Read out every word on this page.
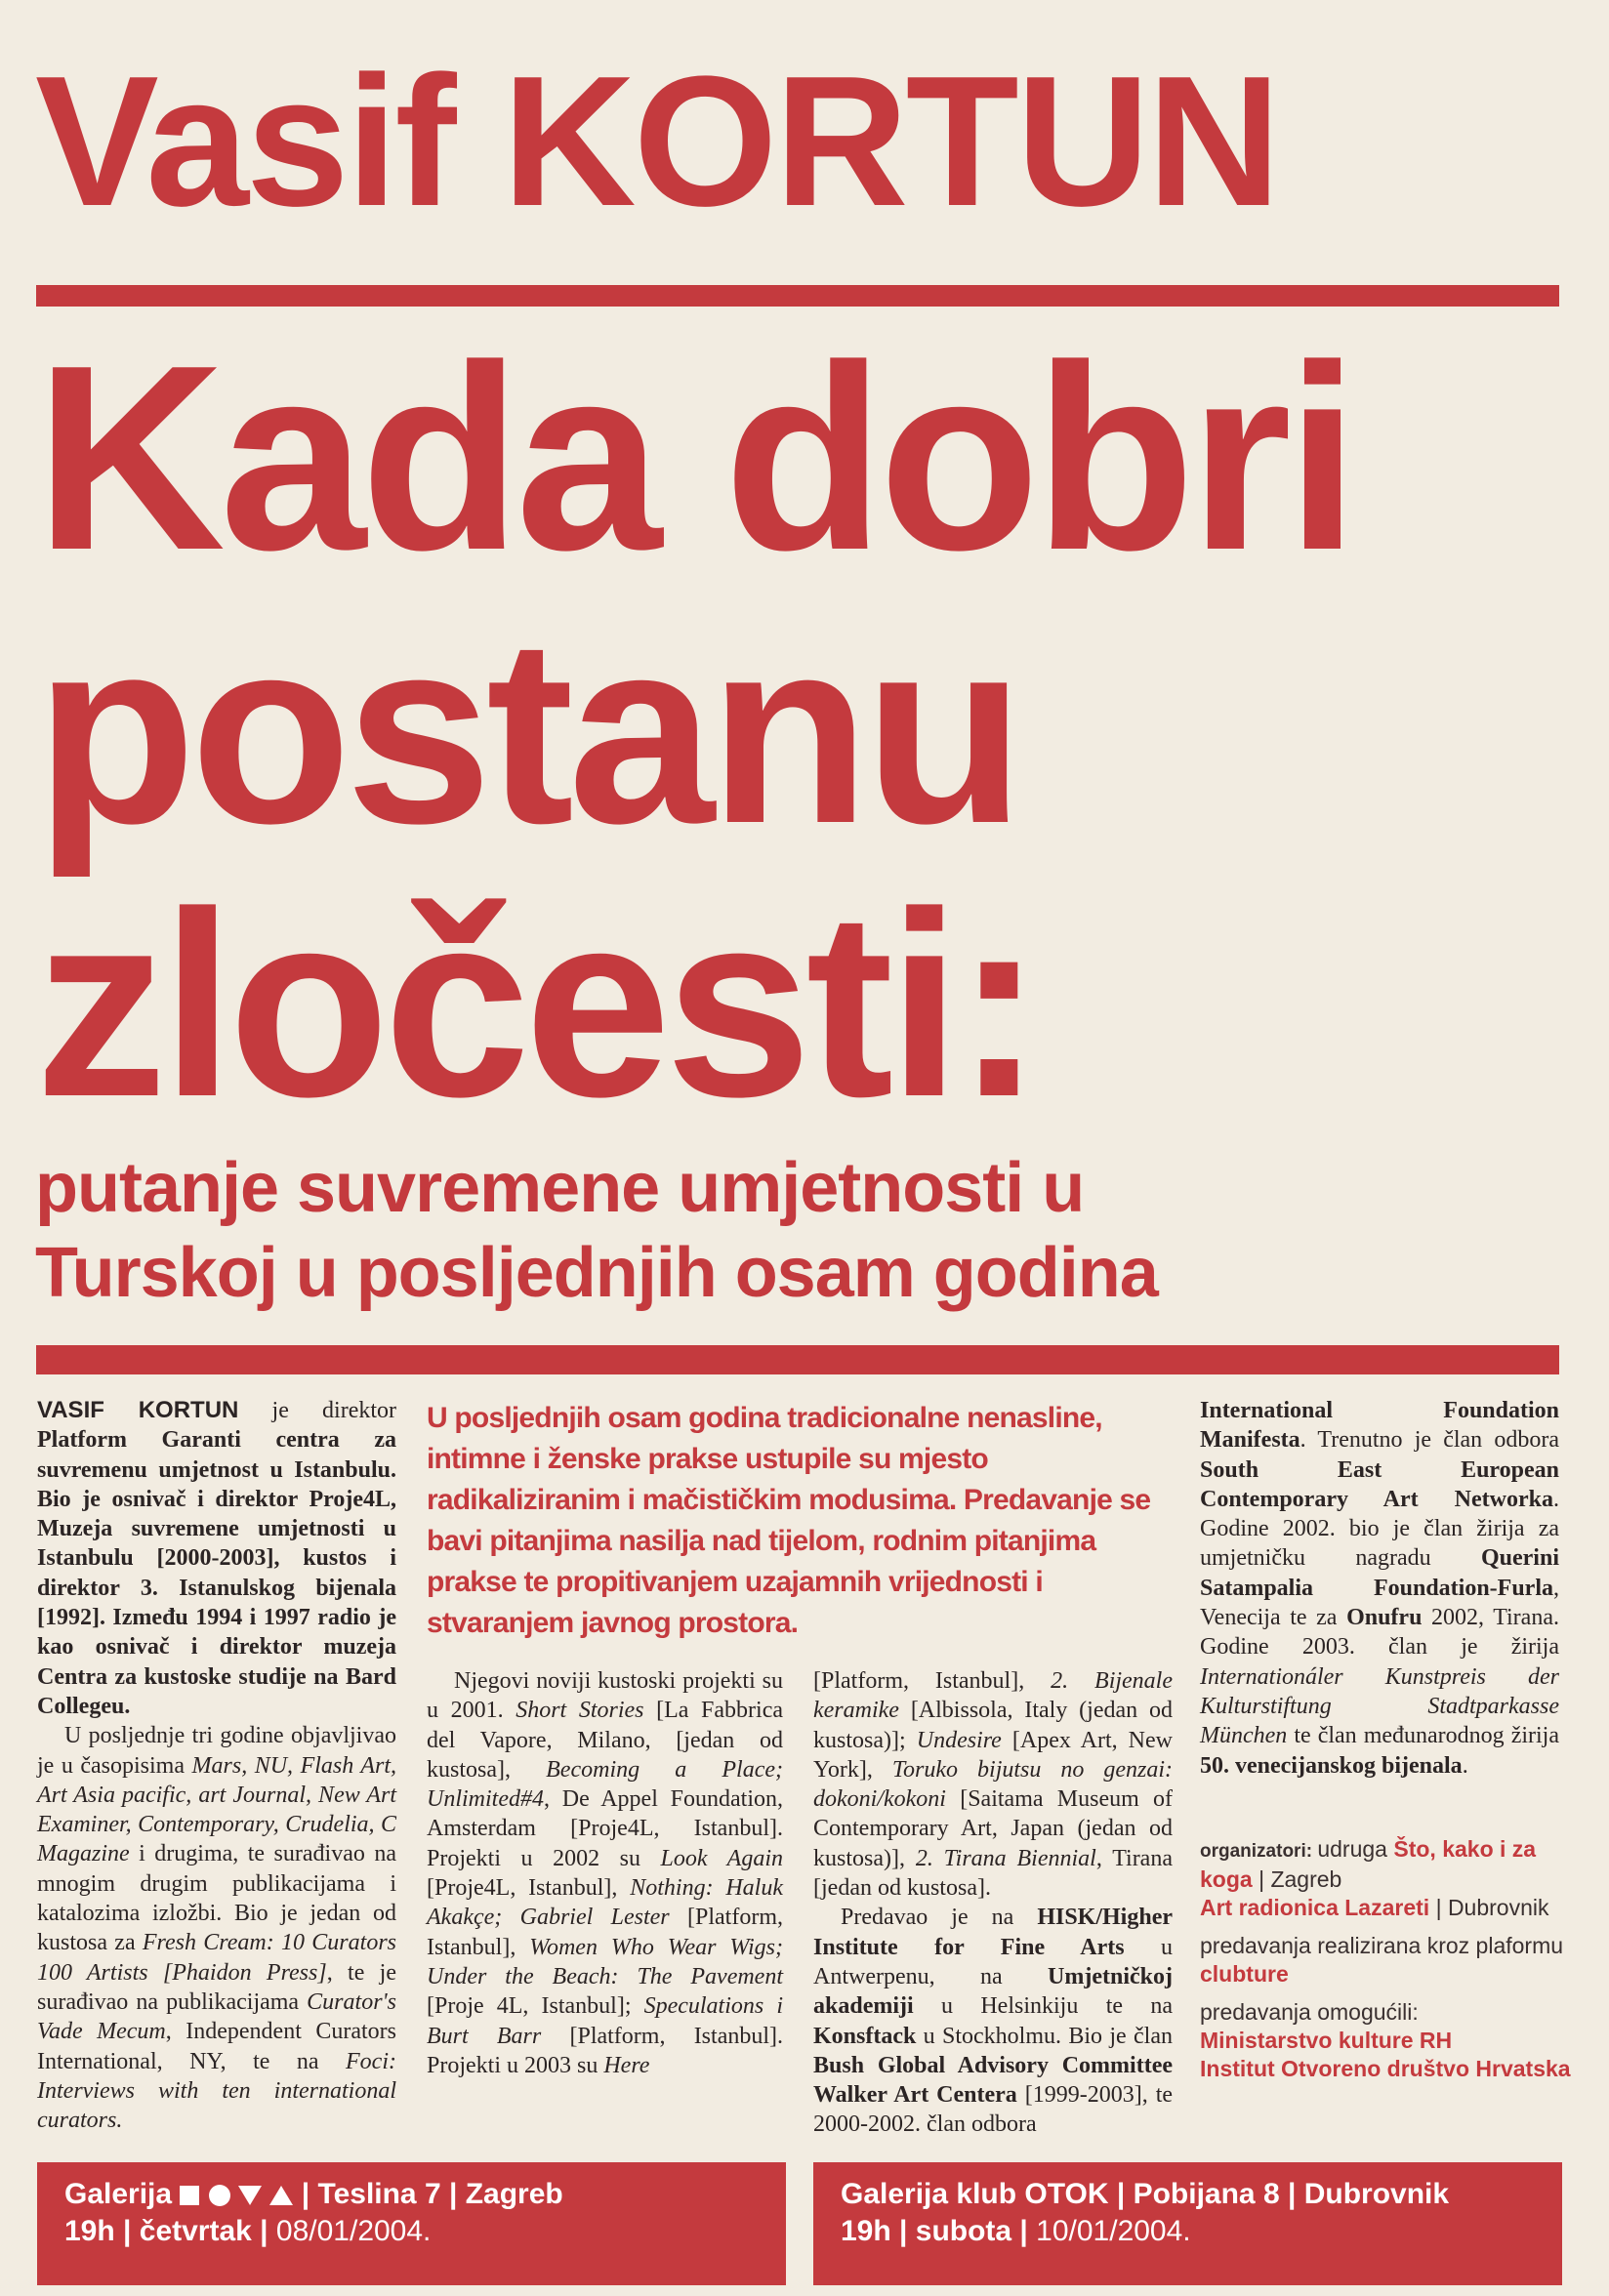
Vasif KORTUN
Kada dobri
postanu
zločesti:
putanje suvremene umjetnosti u
Turskoj u posljednjih osam godina
U posljednjih osam godina tradicionalne nenasline, intimne i ženske prakse ustupile su mjesto radikaliziranim i mačističkim modusima. Predavanje se bavi pitanjima nasilja nad tijelom, rodnim pitanjima prakse te propitivanjem uzajamnih vrijednosti i stvaranjem javnog prostora.

VASIF KORTUN je direktor Platform Garanti centra za suvremenu umjetnost u Istanbulu. Bio je osnivač i direktor Proje4L, Muzeja suvremene umjetnosti u Istanbulu [2000-2003], kustos i direktor 3. Istanulskog bijenala [1992]. Između 1994 i 1997 radio je kao osnivač i direktor muzeja Centra za kustoske studije na Bard Collegeu.

U posljednje tri godine objavljivao je u časopisima Mars, NU, Flash Art, Art Asia pacific, art Journal, New Art Examiner, Contemporary, Crudelia, C Magazine i drugima, te surađivao na mnogim drugim publikacijama i katalozima izložbi. Bio je jedan od kustosa za Fresh Cream: 10 Curators 100 Artists [Phaidon Press], te je surađivao na publikacijama Curator's Vade Mecum, Independent Curators International, NY, te na Foci: Interviews with ten international curators.

Njegovi noviji kustoski projekti su u 2001. Short Stories [La Fabbrica del Vapore, Milano, [jedan od kustosa], Becoming a Place; Unlimited#4, De Appel Foundation, Amsterdam [Proje4L, Istanbul]. Projekti u 2002 su Look Again [Proje4L, Istanbul], Nothing: Haluk Akakçe; Gabriel Lester [Platform, Istanbul], Women Who Wear Wigs; Under the Beach: The Pavement [Proje 4L, Istanbul]; Speculations i Burt Barr [Platform, Istanbul]. Projekti u 2003 su Here

[Platform, Istanbul], 2. Bijenale keramike [Albissola, Italy (jedan od kustosa)]; Undesire [Apex Art, New York], Toruko bijutsu no genzai: dokoni/kokoni [Saitama Museum of Contemporary Art, Japan (jedan od kustosa)], 2. Tirana Biennial, Tirana [jedan od kustosa].

Predavao je na HISK/Higher Institute for Fine Arts u Antwerpenu, na Umjetničkoj akademiji u Helsinkiju te na Konsftack u Stockholmu. Bio je član Bush Global Advisory Committee Walker Art Centera [1999-2003], te 2000-2002. član odbora

International Foundation Manifesta. Trenutno je član odbora South East European Contemporary Art Networka. Godine 2002. bio je član žirija za umjetničku nagradu Querini Satampalia Foundation-Furla, Venecija te za Onufru 2002, Tirana. Godine 2003. član je žirija Internationáler Kunstpreis der Kulturstiftung Stadtparkasse München te član međunarodnog žirija 50. venecijanskog bijenala.

organizatori: udruga Što, kako i za koga | Zagreb
Art radionica Lazareti | Dubrovnik

predavanja realizirana kroz plaformu clubture

predavanja omogućili:
Ministarstvo kulture RH
Institut Otvoreno društvo Hrvatska

Galerija	| Teslina 7 | Zagreb
19h | četvrtak | 08/01/2004.
Galerija klub OTOK | Pobijana 8 | Dubrovnik
19h | subota | 10/01/2004.
